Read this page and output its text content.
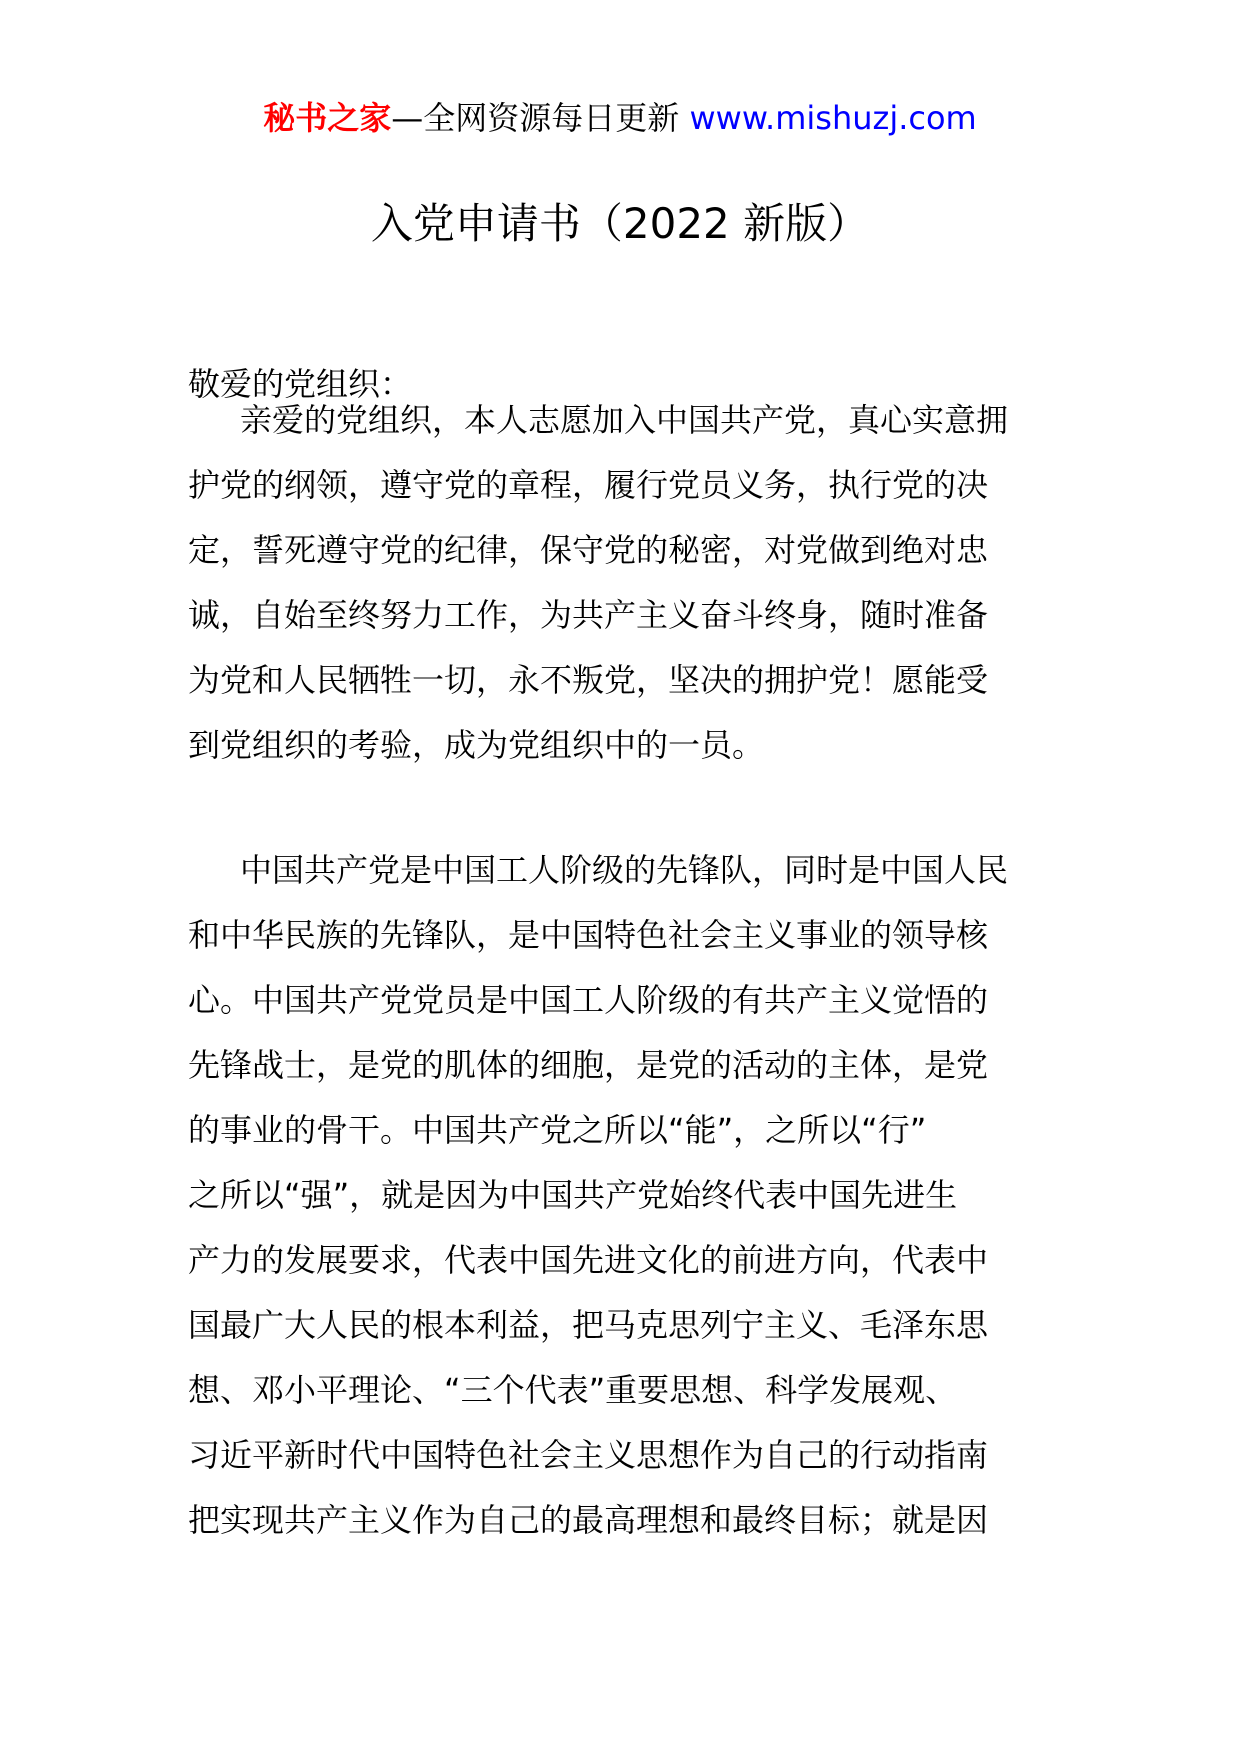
秘书之家—全网资源每日更新 www.mishuzj.com
入党申请书（2022 新版）
敬爱的党组织：
亲爱的党组织，本人志愿加入中国共产党，真心实意拥
护党的纲领，遵守党的章程，履行党员义务，执行党的决
定，誓死遵守党的纪律，保守党的秘密，对党做到绝对忠
诚，自始至终努力工作，为共产主义奋斗终身，随时准备
为党和人民牺牲一切，永不叛党，坚决的拥护党！愿能受
到党组织的考验，成为党组织中的一员。
中国共产党是中国工人阶级的先锋队，同时是中国人民
和中华民族的先锋队，是中国特色社会主义事业的领导核
心。中国共产党党员是中国工人阶级的有共产主义觉悟的
先锋战士，是党的肌体的细胞，是党的活动的主体，是党
的事业的骨干。中国共产党之所以“能”，之所以“行”
之所以“强”，就是因为中国共产党始终代表中国先进生
产力的发展要求，代表中国先进文化的前进方向，代表中
国最广大人民的根本利益，把马克思列宁主义、毛泽东思
想、邓小平理论、“三个代表”重要思想、科学发展观、
习近平新时代中国特色社会主义思想作为自己的行动指南
把实现共产主义作为自己的最高理想和最终目标；就是因
